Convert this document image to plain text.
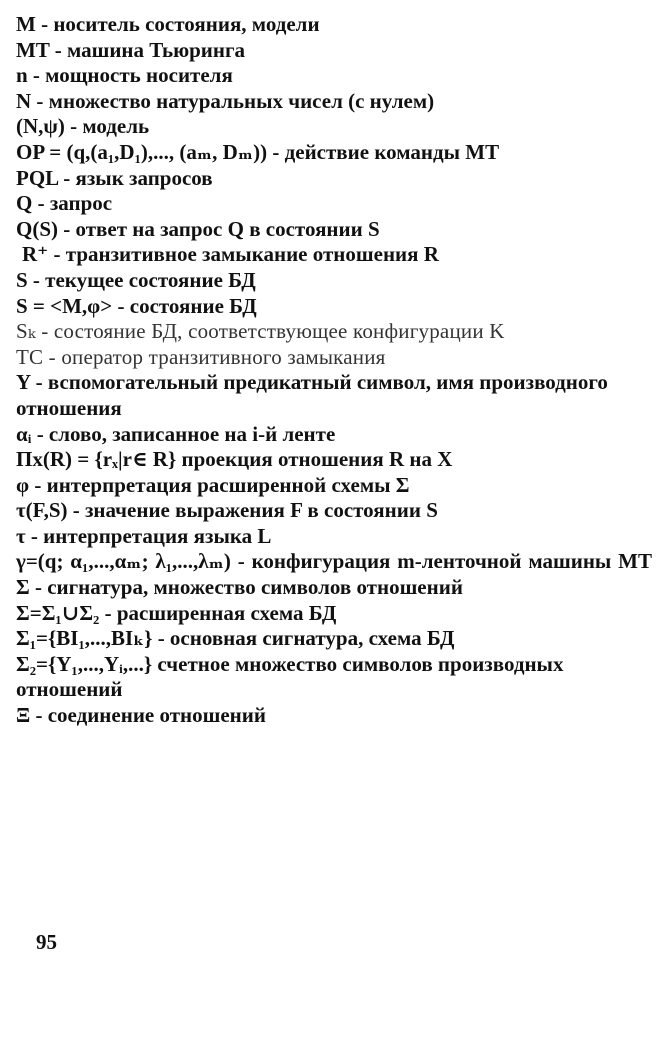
M - носитель состояния, модели
MT - машина Тьюринга
n - мощность носителя
N - множество натуральных чисел (с нулем)
(N,ψ) - модель
OP = (q,(a₁,D₁),..., (aₘ, Dₘ)) - действие команды MT
PQL - язык запросов
Q - запрос
Q(S) - ответ на запрос Q в состоянии S
R⁺ - транзитивное замыкание отношения R
S - текущее состояние БД
S = <M,φ> - состояние БД
Sₖ - состояние БД, соответствующее конфигурации K
TC - оператор транзитивного замыкания
Y - вспомогательный предикатный символ, имя производного отношения
αᵢ - слово, записанное на i-й ленте
Πx(R) = {rₓ|r∈ R} проекция отношения R на X
φ - интерпретация расширенной схемы Σ
τ(F,S) - значение выражения F в состоянии S
τ - интерпретация языка L
γ=(q; α₁,...,αₘ; λ₁,...,λₘ) - конфигурация m-ленточной машины MT
Σ - сигнатура, множество символов отношений
Σ=Σ₁∪Σ₂ - расширенная схема БД
Σ₁={BI₁,...,BIₖ} - основная сигнатура, схема БД
Σ₂={Y₁,...,Yᵢ,...} счетное множество символов производных отношений
Ξ - соединение отношений
95
